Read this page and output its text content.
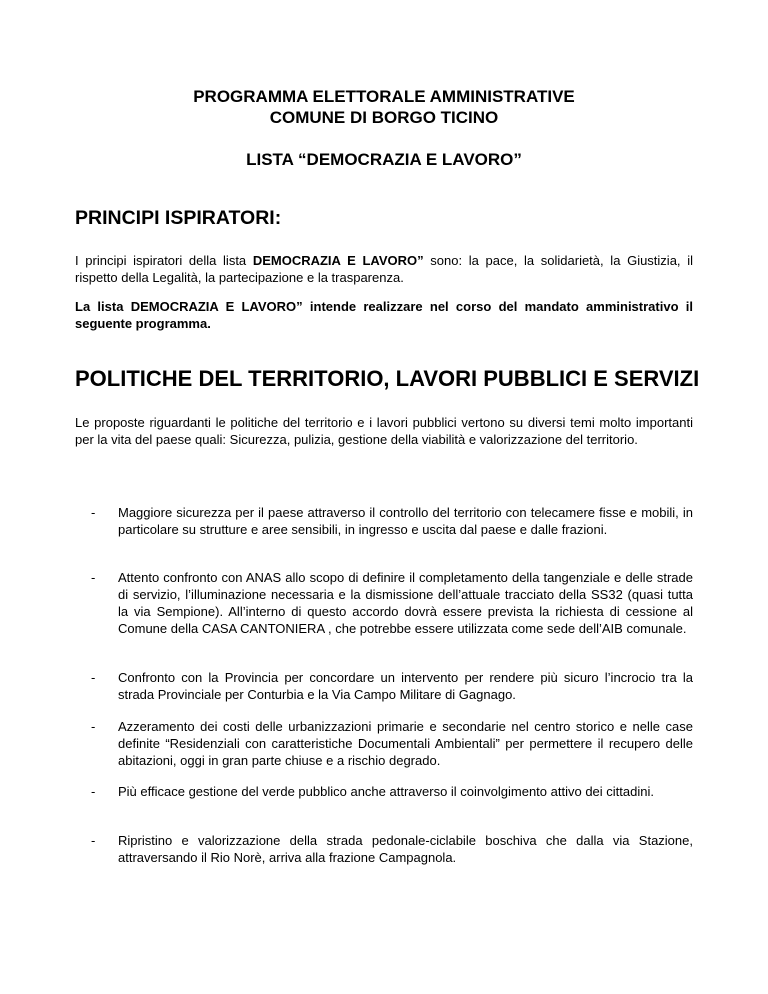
PROGRAMMA ELETTORALE AMMINISTRATIVE
COMUNE DI BORGO TICINO
LISTA “DEMOCRAZIA E LAVORO”
PRINCIPI ISPIRATORI:
I principi ispiratori della lista DEMOCRAZIA E LAVORO” sono: la pace, la solidarietà, la Giustizia, il rispetto della Legalità, la partecipazione e la trasparenza.
La lista DEMOCRAZIA E LAVORO” intende realizzare nel corso del mandato amministrativo il seguente programma.
POLITICHE DEL TERRITORIO, LAVORI PUBBLICI E SERVIZI
Le proposte riguardanti le politiche del territorio e i lavori pubblici vertono su diversi temi molto importanti per la vita del paese quali: Sicurezza, pulizia, gestione della viabilità e valorizzazione del territorio.
- Maggiore sicurezza per il paese attraverso il controllo del territorio con telecamere fisse e mobili, in particolare su strutture e aree sensibili, in ingresso e uscita dal paese e dalle frazioni.
- Attento confronto con ANAS allo scopo di definire il completamento della tangenziale e delle strade di servizio, l’illuminazione necessaria e la dismissione dell’attuale tracciato della SS32 (quasi tutta la via Sempione). All’interno di questo accordo dovrà essere prevista la richiesta di cessione al Comune della CASA CANTONIERA , che potrebbe essere utilizzata come sede dell’AIB comunale.
- Confronto con la Provincia per concordare un intervento per rendere più sicuro l’incrocio tra la strada Provinciale per Conturbia e la Via Campo Militare di Gagnago.
- Azzeramento dei costi delle urbanizzazioni primarie e secondarie nel centro storico e nelle case definite “Residenziali con caratteristiche Documentali Ambientali” per permettere il recupero delle abitazioni, oggi in gran parte chiuse e a rischio degrado.
- Più efficace gestione del verde pubblico anche attraverso il coinvolgimento attivo dei cittadini.
- Ripristino e valorizzazione della strada pedonale-ciclabile boschiva che dalla via Stazione, attraversando il Rio Norè, arriva alla frazione Campagnola.
